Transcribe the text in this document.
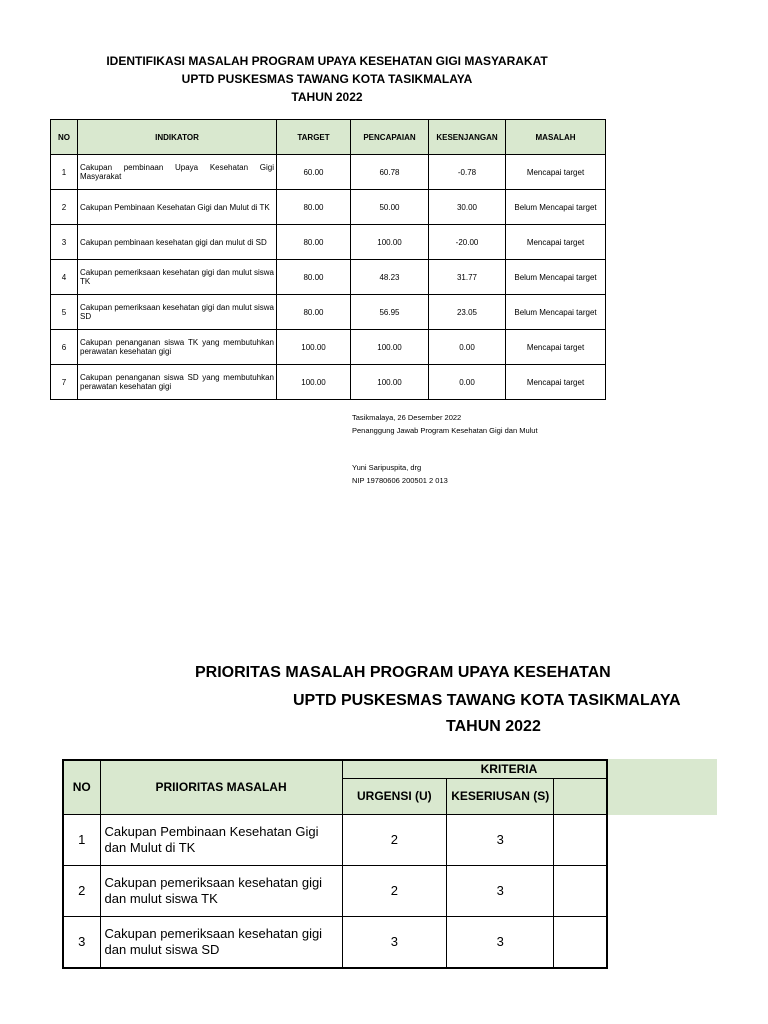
IDENTIFIKASI MASALAH PROGRAM UPAYA KESEHATAN GIGI MASYARAKAT
UPTD PUSKESMAS TAWANG KOTA TASIKMALAYA
TAHUN 2022
NO	INDIKATOR	TARGET	PENCAPAIAN	KESENJANGAN	MASALAH
1	Cakupan pembinaan Upaya Kesehatan Gigi Masyarakat	60.00	60.78	-0.78	Mencapai target
2	Cakupan Pembinaan Kesehatan Gigi dan Mulut di TK	80.00	50.00	30.00	Belum Mencapai target
3	Cakupan pembinaan kesehatan gigi dan mulut di SD	80.00	100.00	-20.00	Mencapai target
4	Cakupan pemeriksaan kesehatan gigi dan mulut siswa TK	80.00	48.23	31.77	Belum Mencapai target
5	Cakupan pemeriksaan kesehatan gigi dan mulut siswa SD	80.00	56.95	23.05	Belum Mencapai target
6	Cakupan penanganan siswa TK yang membutuhkan perawatan kesehatan gigi	100.00	100.00	0.00	Mencapai target
7	Cakupan penanganan siswa SD yang membutuhkan perawatan kesehatan gigi	100.00	100.00	0.00	Mencapai target
Tasikmalaya, 26 Desember 2022
Penanggung Jawab Program Kesehatan Gigi dan Mulut
Yuni Saripuspita, drg
NIP 19780606 200501 2 013
PRIORITAS MASALAH PROGRAM UPAYA KESEHATAN
UPTD PUSKESMAS TAWANG KOTA TASIKMALAYA
TAHUN 2022
NO	PRIIORITAS MASALAH	KRITERIA		
		URGENSI (U)	KESERIUSAN (S)	
1	Cakupan Pembinaan Kesehatan Gigi dan Mulut di TK	2	3	
2	Cakupan pemeriksaan kesehatan gigi dan mulut siswa TK	2	3	
3	Cakupan pemeriksaan kesehatan gigi dan mulut siswa SD	3	3	
